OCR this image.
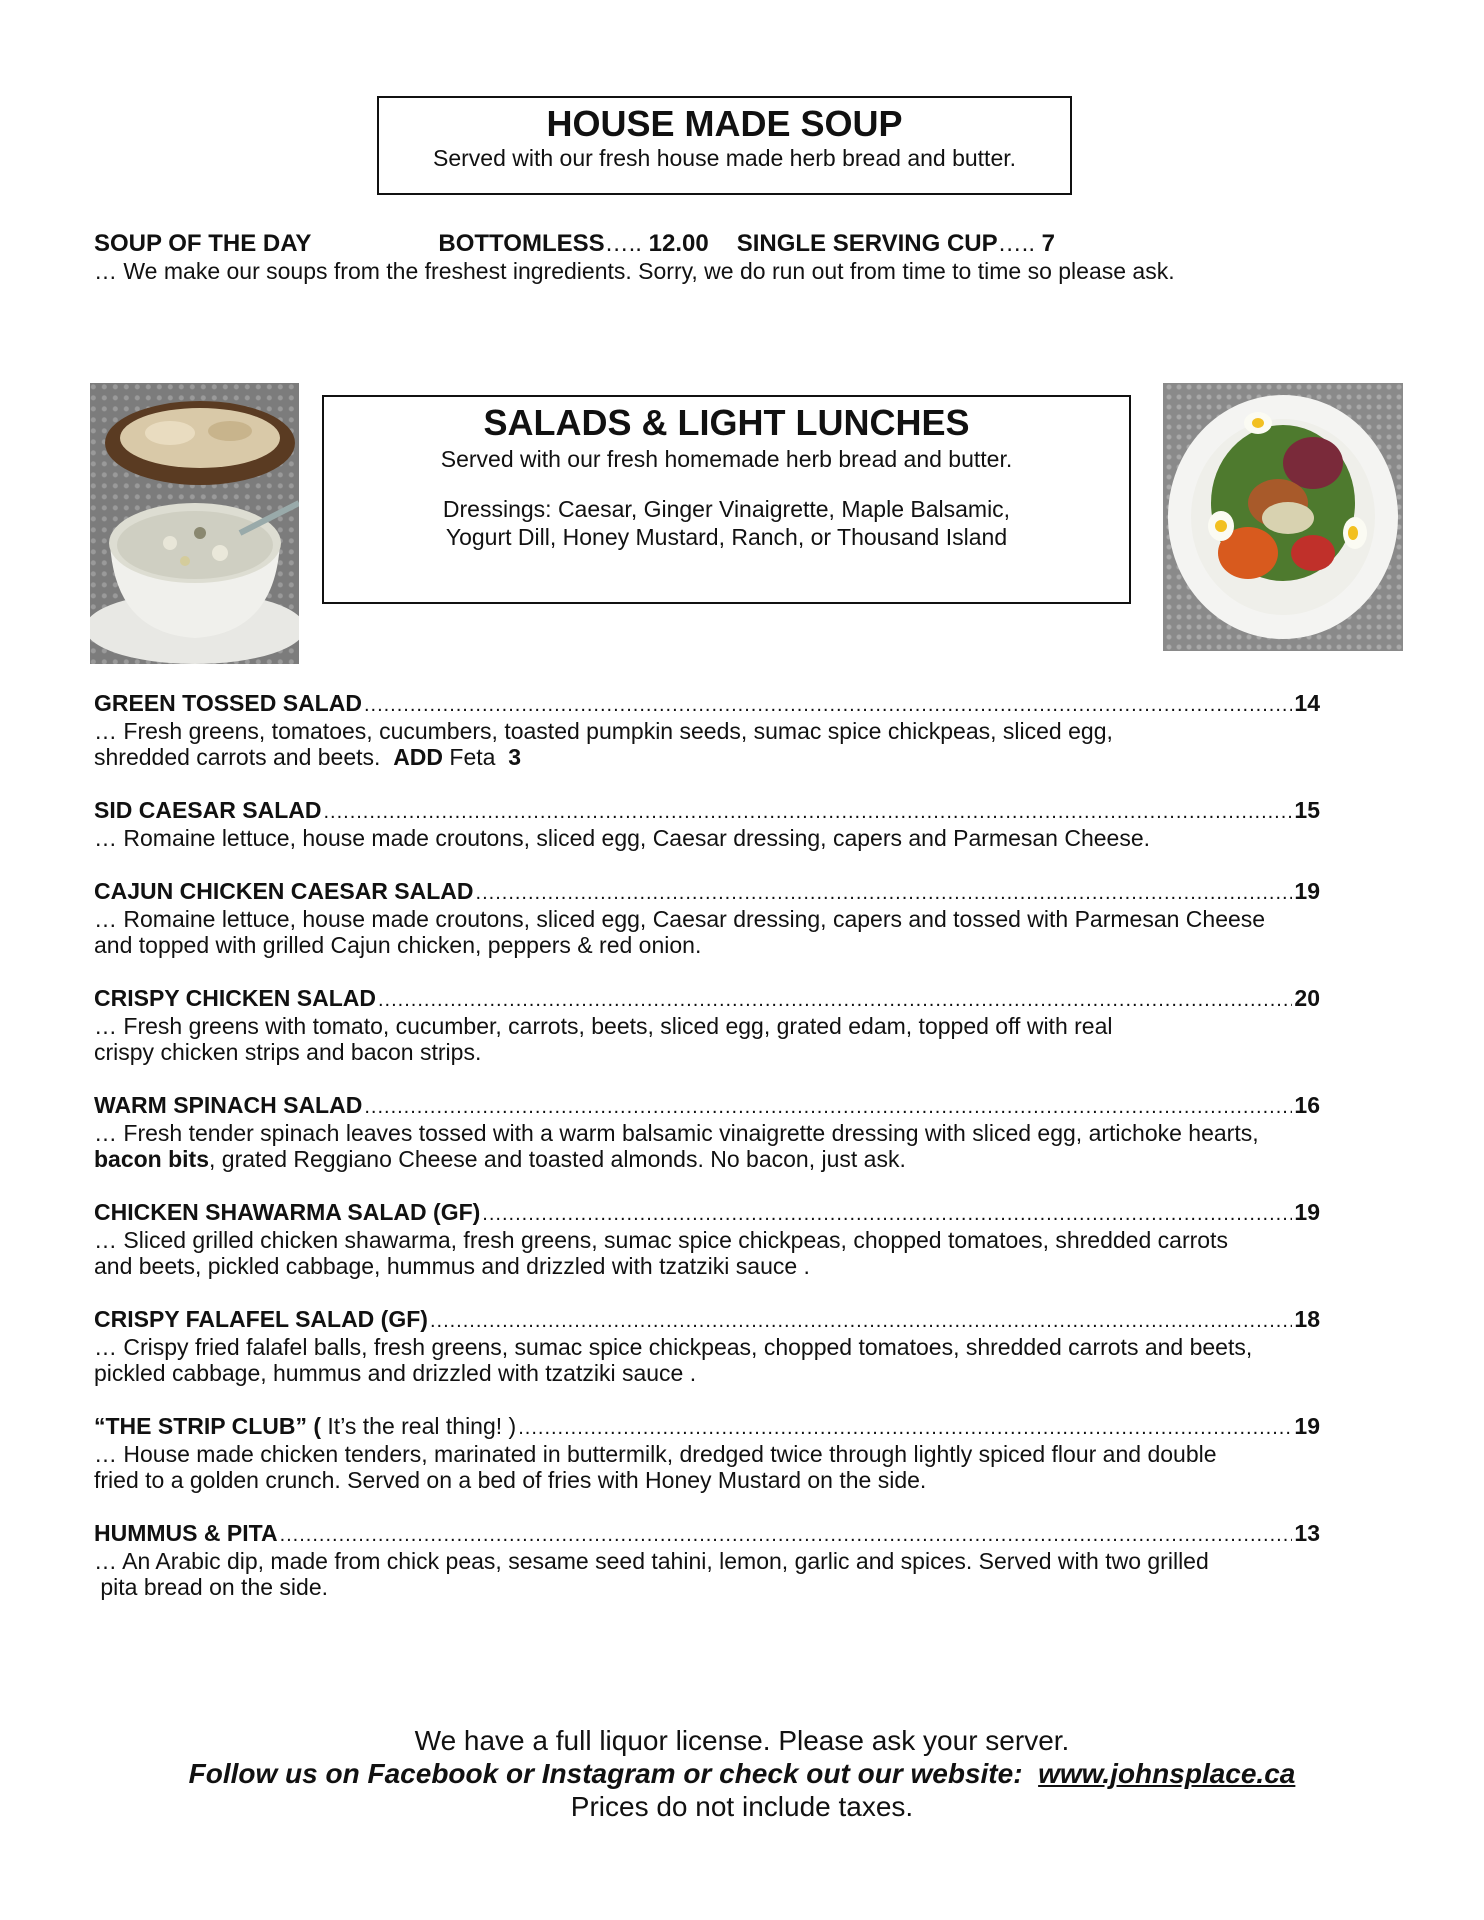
HOUSE MADE SOUP
Served with our fresh house made herb bread and butter.
SOUP OF THE DAY	BOTTOMLESS….. 12.00 SINGLE SERVING CUP….. 7
… We make our soups from the freshest ingredients. Sorry, we do run out from time to time so please ask.
SALADS & LIGHT LUNCHES
Served with our fresh homemade herb bread and butter.
Dressings: Caesar, Ginger Vinaigrette, Maple Balsamic,
Yogurt Dill, Honey Mustard, Ranch, or Thousand Island
GREEN TOSSED SALAD .....	14
… Fresh greens, tomatoes, cucumbers, toasted pumpkin seeds, sumac spice chickpeas, sliced egg,
shredded carrots and beets. ADD Feta  3
SID CAESAR SALAD .....	15
… Romaine lettuce, house made croutons, sliced egg, Caesar dressing, capers and Parmesan Cheese.
CAJUN CHICKEN CAESAR SALAD .....	19
… Romaine lettuce, house made croutons, sliced egg, Caesar dressing, capers and tossed with Parmesan Cheese
and topped with grilled Cajun chicken, peppers & red onion.
CRISPY CHICKEN SALAD .....	20
… Fresh greens with tomato, cucumber, carrots, beets, sliced egg, grated edam, topped off with real
crispy chicken strips and bacon strips.
WARM SPINACH SALAD .....	16
… Fresh tender spinach leaves tossed with a warm balsamic vinaigrette dressing with sliced egg, artichoke hearts,
bacon bits, grated Reggiano Cheese and toasted almonds. No bacon, just ask.
CHICKEN SHAWARMA SALAD (GF) .....	19
… Sliced grilled chicken shawarma, fresh greens, sumac spice chickpeas, chopped tomatoes, shredded carrots
and beets, pickled cabbage, hummus and drizzled with tzatziki sauce .
CRISPY FALAFEL SALAD (GF) .....	18
… Crispy fried falafel balls, fresh greens, sumac spice chickpeas, chopped tomatoes, shredded carrots and beets,
pickled cabbage, hummus and drizzled with tzatziki sauce .
“THE STRIP CLUB” ( It’s the real thing! ) .....	19
… House made chicken tenders, marinated in buttermilk, dredged twice through lightly spiced flour and double
fried to a golden crunch. Served on a bed of fries with Honey Mustard on the side.
HUMMUS & PITA .....	13
… An Arabic dip, made from chick peas, sesame seed tahini, lemon, garlic and spices. Served with two grilled
pita bread on the side.
We have a full liquor license. Please ask your server.
Follow us on Facebook or Instagram or check out our website:  www.johnsplace.ca
Prices do not include taxes.
